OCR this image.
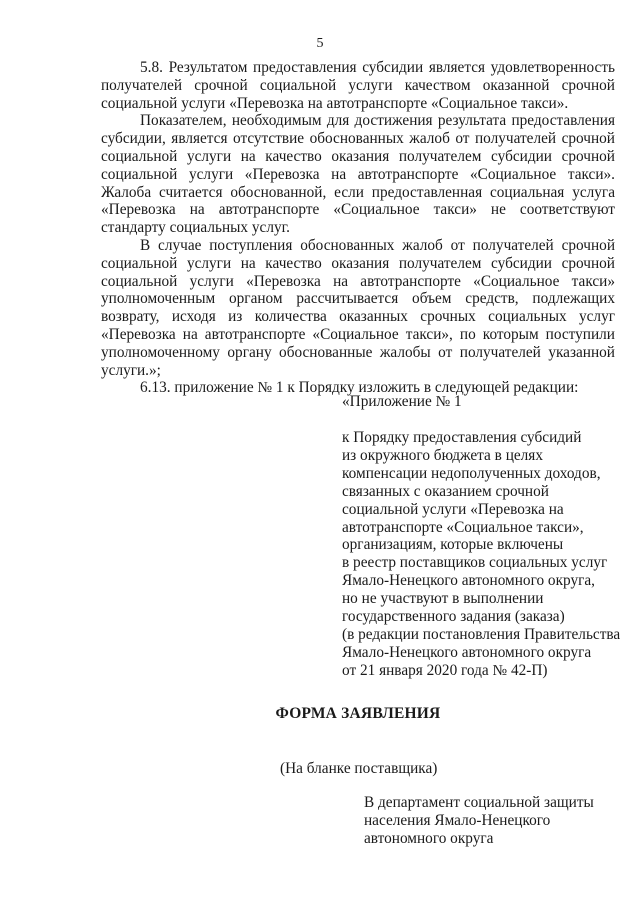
5

5.8. Результатом предоставления субсидии является удовлетворенность получателей срочной социальной услуги качеством оказанной срочной социальной услуги «Перевозка на автотранспорте «Социальное такси».

Показателем, необходимым для достижения результата предоставления субсидии, является отсутствие обоснованных жалоб от получателей срочной социальной услуги на качество оказания получателем субсидии срочной социальной услуги «Перевозка на автотранспорте «Социальное такси». Жалоба считается обоснованной, если предоставленная социальная услуга «Перевозка на автотранспорте «Социальное такси» не соответствуют стандарту социальных услуг.

В случае поступления обоснованных жалоб от получателей срочной социальной услуги на качество оказания получателем субсидии срочной социальной услуги «Перевозка на автотранспорте «Социальное такси» уполномоченным органом рассчитывается объем средств, подлежащих возврату, исходя из количества оказанных срочных социальных услуг «Перевозка на автотранспорте «Социальное такси», по которым поступили уполномоченному органу обоснованные жалобы от получателей указанной услуги.»;

6.13. приложение № 1 к Порядку изложить в следующей редакции:

«Приложение № 1
к Порядку предоставления субсидий
из окружного бюджета в целях
компенсации недополученных доходов,
связанных с оказанием срочной
социальной услуги «Перевозка на
автотранспорте «Социальное такси»,
организациям, которые включены
в реестр поставщиков социальных услуг
Ямало-Ненецкого автономного округа,
но не участвуют в выполнении
государственного задания (заказа)
(в редакции постановления Правительства
Ямало-Ненецкого автономного округа
от 21 января 2020 года № 42-П)
ФОРМА ЗАЯВЛЕНИЯ
(На бланке поставщика)
В департамент социальной защиты
населения Ямало-Ненецкого
автономного округа
